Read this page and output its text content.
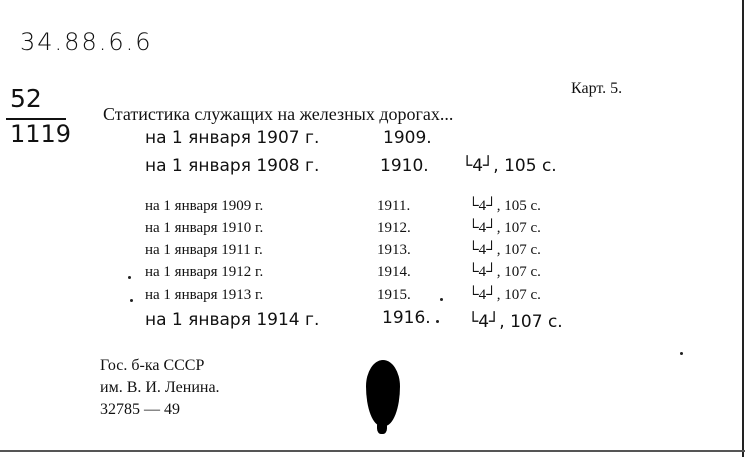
34.88.6.6
52
1119
Карт. 5.
Статистика служащих на железных дорогах...
на 1 января 1907 г.	1909.
на 1 января 1908 г.	1910. └4┘, 105 с.
на 1 января 1909 г.	1911.	└4┘, 105 с.
на 1 января 1910 г.	1912.	└4┘, 107 с.
на 1 января 1911 г.	1913.	└4┘, 107 с.
на 1 января 1912 г.	1914.	└4┘, 107 с.
на 1 января 1913 г.	1915.	└4┘, 107 с.
на 1 января 1914 г.	1916. └4┘, 107 с.
Гос. б-ка СССР
им. В. И. Ленина.
32785 — 49
